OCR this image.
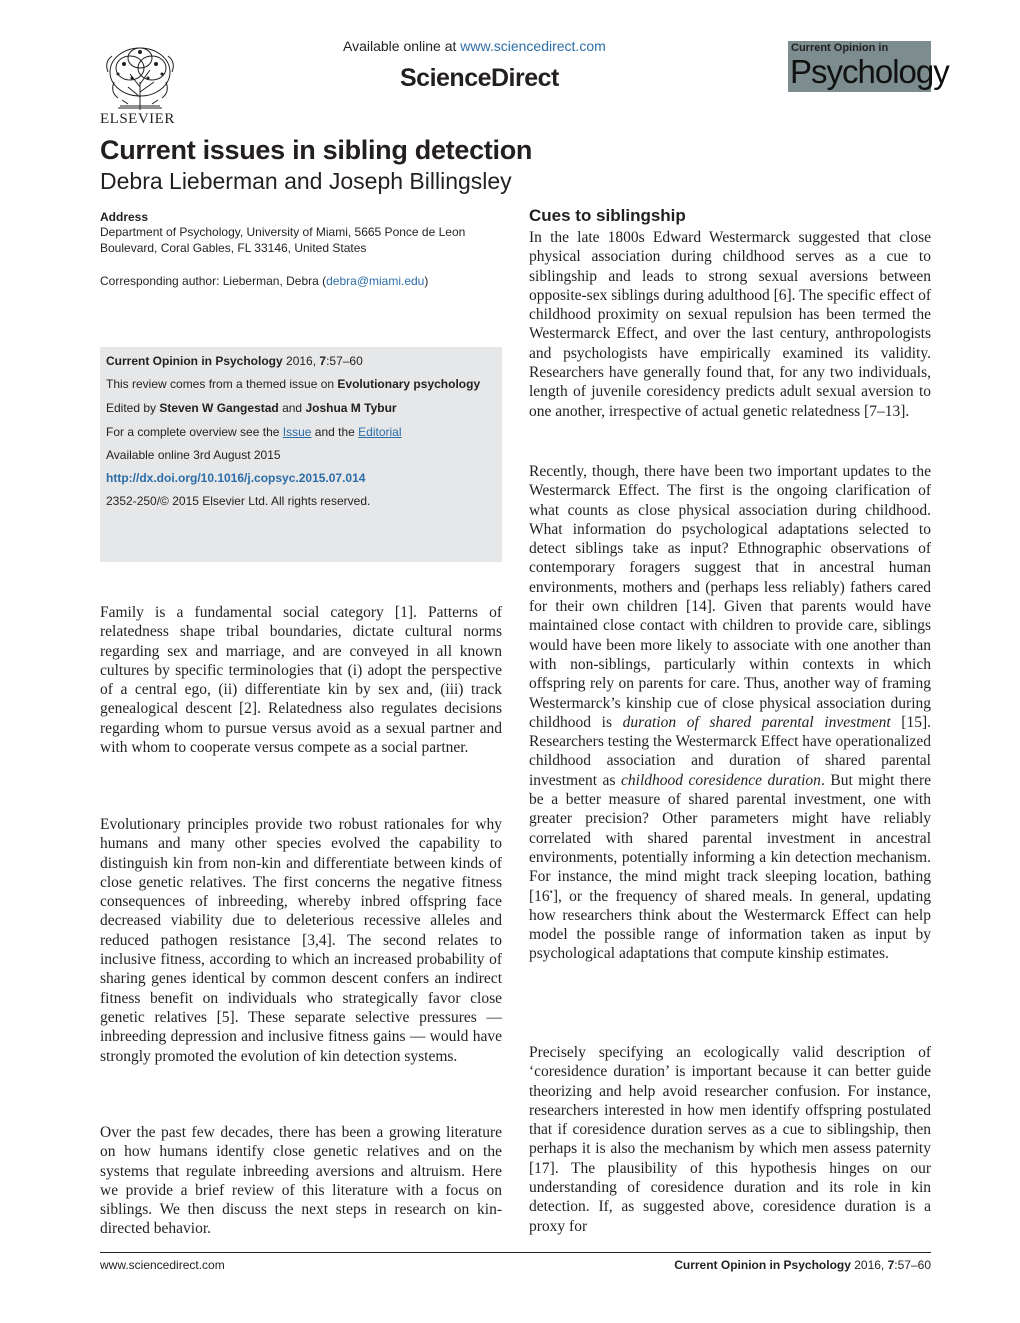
ELSEVIER
Available online at www.sciencedirect.com
ScienceDirect
Current Opinion in
Psychology
Current issues in sibling detection
Debra Lieberman and Joseph Billingsley
Address
Department of Psychology, University of Miami, 5665 Ponce de Leon Boulevard, Coral Gables, FL 33146, United States
Corresponding author: Lieberman, Debra (debra@miami.edu)
Current Opinion in Psychology 2016, 7:57–60
This review comes from a themed issue on Evolutionary psychology
Edited by Steven W Gangestad and Joshua M Tybur
For a complete overview see the Issue and the Editorial
Available online 3rd August 2015
http://dx.doi.org/10.1016/j.copsyc.2015.07.014
2352-250/© 2015 Elsevier Ltd. All rights reserved.
Family is a fundamental social category [1]. Patterns of relatedness shape tribal boundaries, dictate cultural norms regarding sex and marriage, and are conveyed in all known cultures by specific terminologies that (i) adopt the perspective of a central ego, (ii) differentiate kin by sex and, (iii) track genealogical descent [2]. Relatedness also regulates decisions regarding whom to pursue versus avoid as a sexual partner and with whom to cooperate versus compete as a social partner.
Evolutionary principles provide two robust rationales for why humans and many other species evolved the capability to distinguish kin from non-kin and differentiate between kinds of close genetic relatives. The first concerns the negative fitness consequences of inbreeding, whereby inbred offspring face decreased viability due to deleterious recessive alleles and reduced pathogen resistance [3,4]. The second relates to inclusive fitness, according to which an increased probability of sharing genes identical by common descent confers an indirect fitness benefit on individuals who strategically favor close genetic relatives [5]. These separate selective pressures — inbreeding depression and inclusive fitness gains — would have strongly promoted the evolution of kin detection systems.
Over the past few decades, there has been a growing literature on how humans identify close genetic relatives and on the systems that regulate inbreeding aversions and altruism. Here we provide a brief review of this literature with a focus on siblings. We then discuss the next steps in research on kin-directed behavior.
Cues to siblingship
In the late 1800s Edward Westermarck suggested that close physical association during childhood serves as a cue to siblingship and leads to strong sexual aversions between opposite-sex siblings during adulthood [6]. The specific effect of childhood proximity on sexual repulsion has been termed the Westermarck Effect, and over the last century, anthropologists and psychologists have empirically examined its validity. Researchers have generally found that, for any two individuals, length of juvenile coresidency predicts adult sexual aversion to one another, irrespective of actual genetic relatedness [7–13].
Recently, though, there have been two important updates to the Westermarck Effect. The first is the ongoing clarification of what counts as close physical association during childhood. What information do psychological adaptations selected to detect siblings take as input? Ethnographic observations of contemporary foragers suggest that in ancestral human environments, mothers and (perhaps less reliably) fathers cared for their own children [14]. Given that parents would have maintained close contact with children to provide care, siblings would have been more likely to associate with one another than with non-siblings, particularly within contexts in which offspring rely on parents for care. Thus, another way of framing Westermarck’s kinship cue of close physical association during childhood is duration of shared parental investment [15]. Researchers testing the Westermarck Effect have operationalized childhood association and duration of shared parental investment as childhood coresidence duration. But might there be a better measure of shared parental investment, one with greater precision? Other parameters might have reliably correlated with shared parental investment in ancestral environments, potentially informing a kin detection mechanism. For instance, the mind might track sleeping location, bathing [16•], or the frequency of shared meals. In general, updating how researchers think about the Westermarck Effect can help model the possible range of information taken as input by psychological adaptations that compute kinship estimates.
Precisely specifying an ecologically valid description of ‘coresidence duration’ is important because it can better guide theorizing and help avoid researcher confusion. For instance, researchers interested in how men identify offspring postulated that if coresidence duration serves as a cue to siblingship, then perhaps it is also the mechanism by which men assess paternity [17]. The plausibility of this hypothesis hinges on our understanding of coresidence duration and its role in kin detection. If, as suggested above, coresidence duration is a proxy for
www.sciencedirect.com	Current Opinion in Psychology 2016, 7:57–60
